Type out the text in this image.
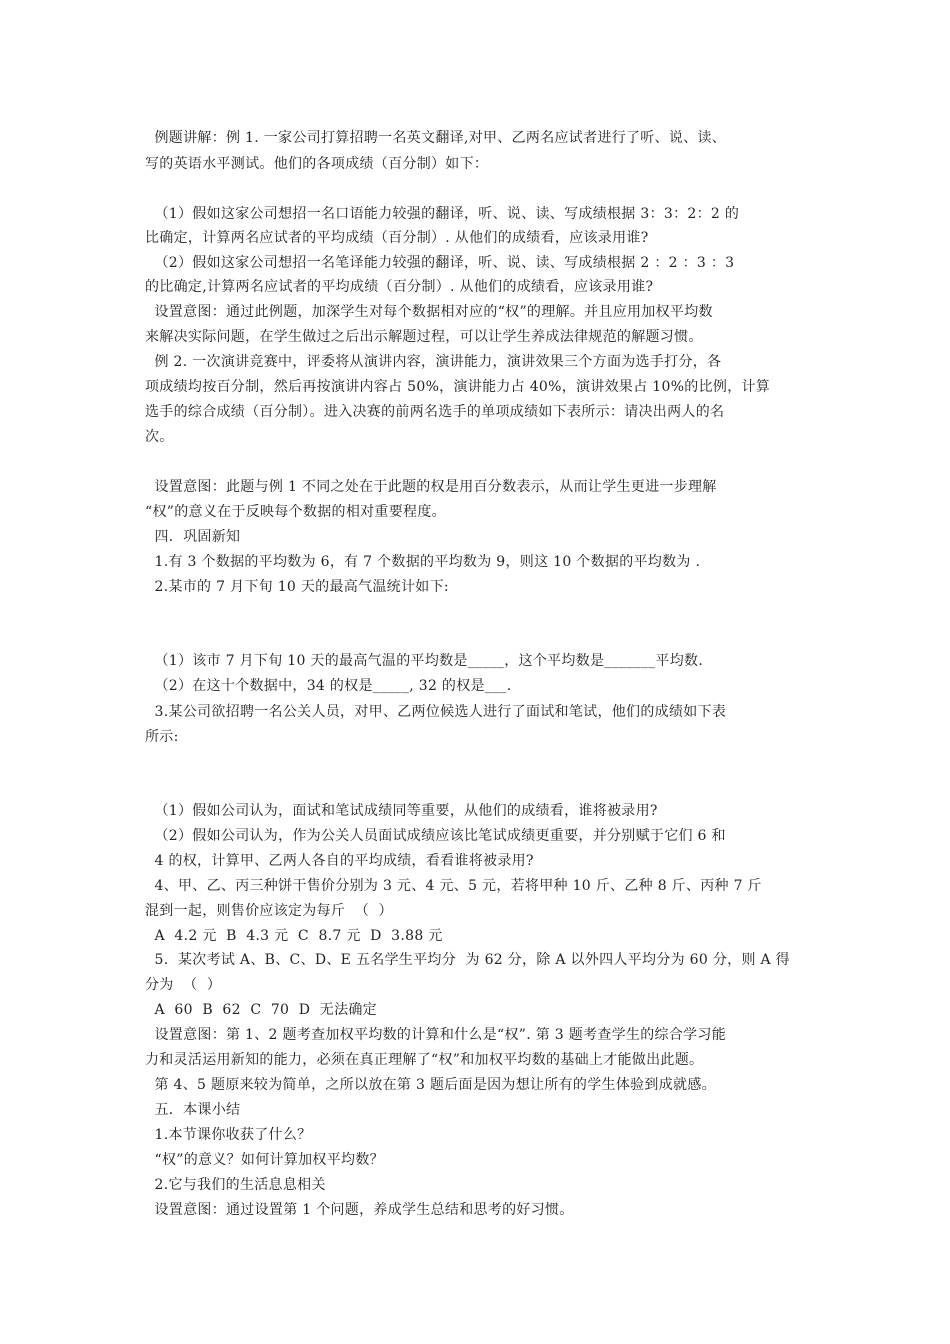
例题讲解：例 1. 一家公司打算招聘一名英文翻译,对甲、乙两名应试者进行了听、说、读、
写的英语水平测试。他们的各项成绩（百分制）如下：
（1）假如这家公司想招一名口语能力较强的翻译，听、说、读、写成绩根据 3：3：2：2 的
比确定，计算两名应试者的平均成绩（百分制）. 从他们的成绩看，应该录用谁?
（2）假如这家公司想招一名笔译能力较强的翻译，听、说、读、写成绩根据 2 ：2 ：3 ：3
的比确定,计算两名应试者的平均成绩（百分制）. 从他们的成绩看，应该录用谁?
设置意图：通过此例题，加深学生对每个数据相对应的“权”的理解。并且应用加权平均数
来解决实际问题，在学生做过之后出示解题过程，可以让学生养成法律规范的解题习惯。
例 2. 一次演讲竞赛中，评委将从演讲内容，演讲能力，演讲效果三个方面为选手打分，各
项成绩均按百分制，然后再按演讲内容占 50%，演讲能力占 40%，演讲效果占 10%的比例，计算
选手的综合成绩（百分制）。进入决赛的前两名选手的单项成绩如下表所示：请决出两人的名
次。
设置意图：此题与例 1 不同之处在于此题的权是用百分数表示，从而让学生更进一步理解
“权”的意义在于反映每个数据的相对重要程度。
四．巩固新知
1.有 3 个数据的平均数为 6，有 7 个数据的平均数为 9，则这 10 个数据的平均数为 .
2.某市的 7 月下旬 10 天的最高气温统计如下:
（1）该市 7 月下旬 10 天的最高气温的平均数是_____，这个平均数是_______平均数.
（2）在这十个数据中，34 的权是_____, 32 的权是___.
3.某公司欲招聘一名公关人员，对甲、乙两位候选人进行了面试和笔试，他们的成绩如下表
所示:
（1）假如公司认为，面试和笔试成绩同等重要，从他们的成绩看，谁将被录用?
（2）假如公司认为，作为公关人员面试成绩应该比笔试成绩更重要，并分别赋于它们 6 和
4 的权，计算甲、乙两人各自的平均成绩，看看谁将被录用?
4、甲、乙、丙三种饼干售价分别为 3 元、4 元、5 元，若将甲种 10 斤、乙种 8 斤、丙种 7 斤
混到一起，则售价应该定为每斤  （  ）
A  4.2 元  B  4.3 元  C  8.7 元  D  3.88 元
5.  某次考试 A、B、C、D、E 五名学生平均分  为 62 分，除 A 以外四人平均分为 60 分，则 A 得
分为  （  ）
A  60  B  62  C  70  D  无法确定
设置意图：第 1、2 题考查加权平均数的计算和什么是“权”. 第 3 题考查学生的综合学习能
力和灵活运用新知的能力，必须在真正理解了“权”和加权平均数的基础上才能做出此题。
第 4、5 题原来较为简单，之所以放在第 3 题后面是因为想让所有的学生体验到成就感。
五．本课小结
1.本节课你收获了什么？
“权”的意义？如何计算加权平均数？
2.它与我们的生活息息相关
设置意图：通过设置第 1 个问题，养成学生总结和思考的好习惯。
